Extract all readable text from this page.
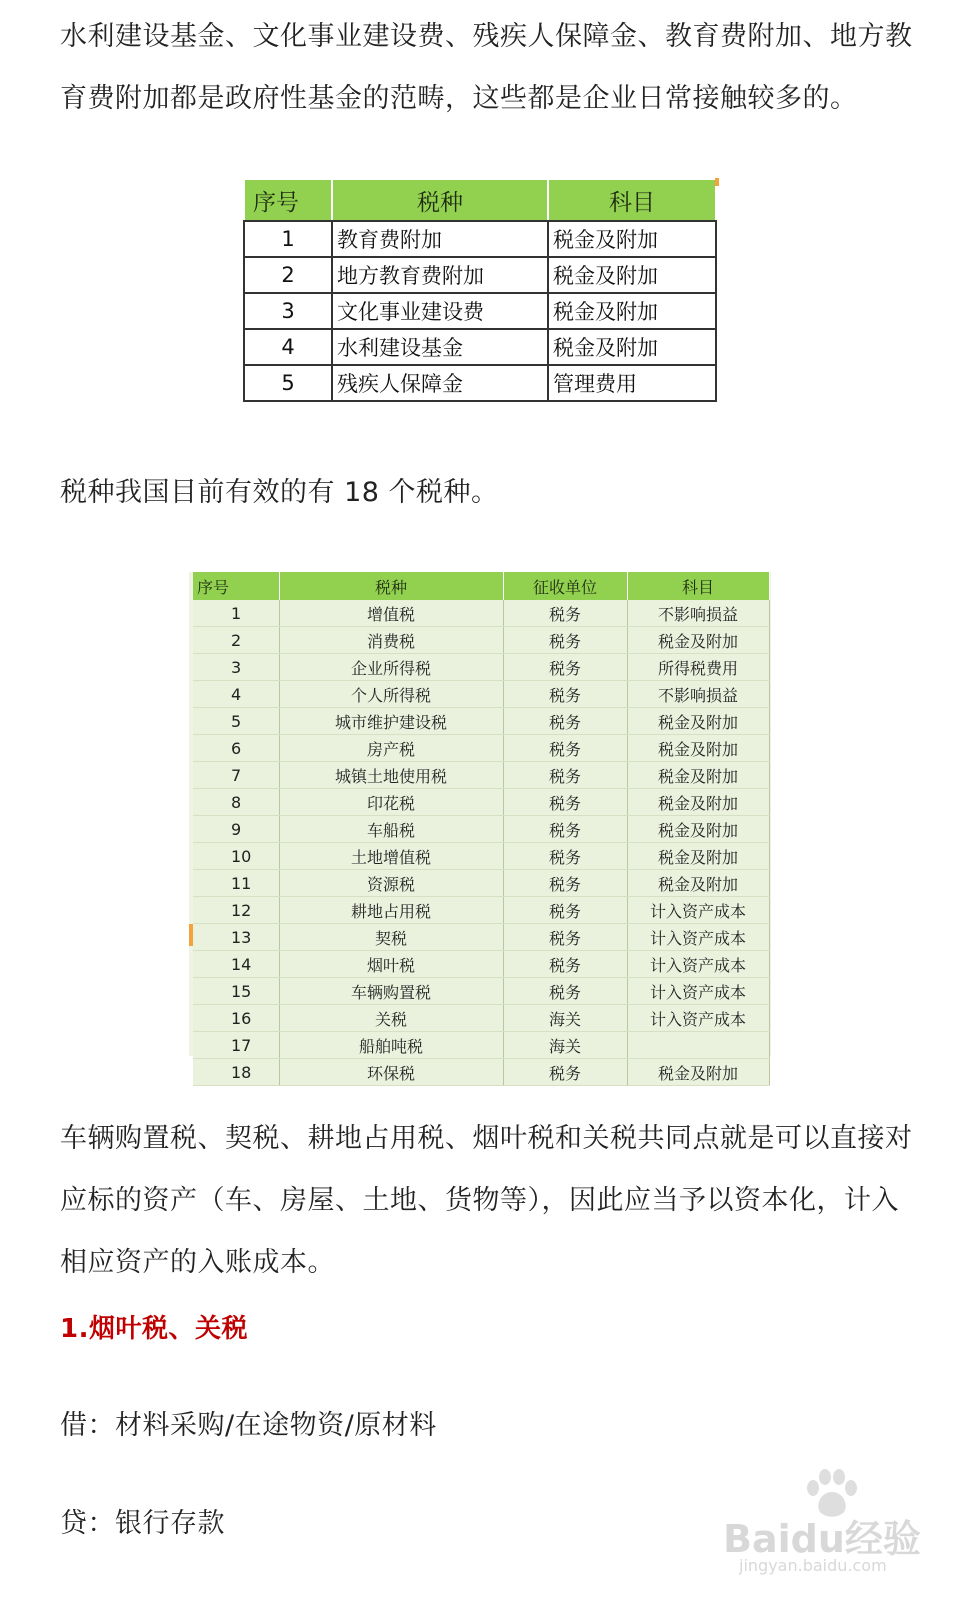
水利建设基金、文化事业建设费、残疾人保障金、教育费附加、地方教育费附加都是政府性基金的范畴，这些都是企业日常接触较多的。

序号	税种	科目
1	教育费附加	税金及附加
2	地方教育费附加	税金及附加
3	文化事业建设费	税金及附加
4	水利建设基金	税金及附加
5	残疾人保障金	管理费用

税种我国目前有效的有 18 个税种。

序号	税种	征收单位	科目
1	增值税	税务	不影响损益
2	消费税	税务	税金及附加
3	企业所得税	税务	所得税费用
4	个人所得税	税务	不影响损益
5	城市维护建设税	税务	税金及附加
6	房产税	税务	税金及附加
7	城镇土地使用税	税务	税金及附加
8	印花税	税务	税金及附加
9	车船税	税务	税金及附加
10	土地增值税	税务	税金及附加
11	资源税	税务	税金及附加
12	耕地占用税	税务	计入资产成本
13	契税	税务	计入资产成本
14	烟叶税	税务	计入资产成本
15	车辆购置税	税务	计入资产成本
16	关税	海关	计入资产成本
17	船舶吨税	海关	
18	环保税	税务	税金及附加

车辆购置税、契税、耕地占用税、烟叶税和关税共同点就是可以直接对应标的资产（车、房屋、土地、货物等），因此应当予以资本化，计入相应资产的入账成本。

1.烟叶税、关税

借：材料采购/在途物资/原材料

贷：银行存款	Baidu经验
jingyan.baidu.com
